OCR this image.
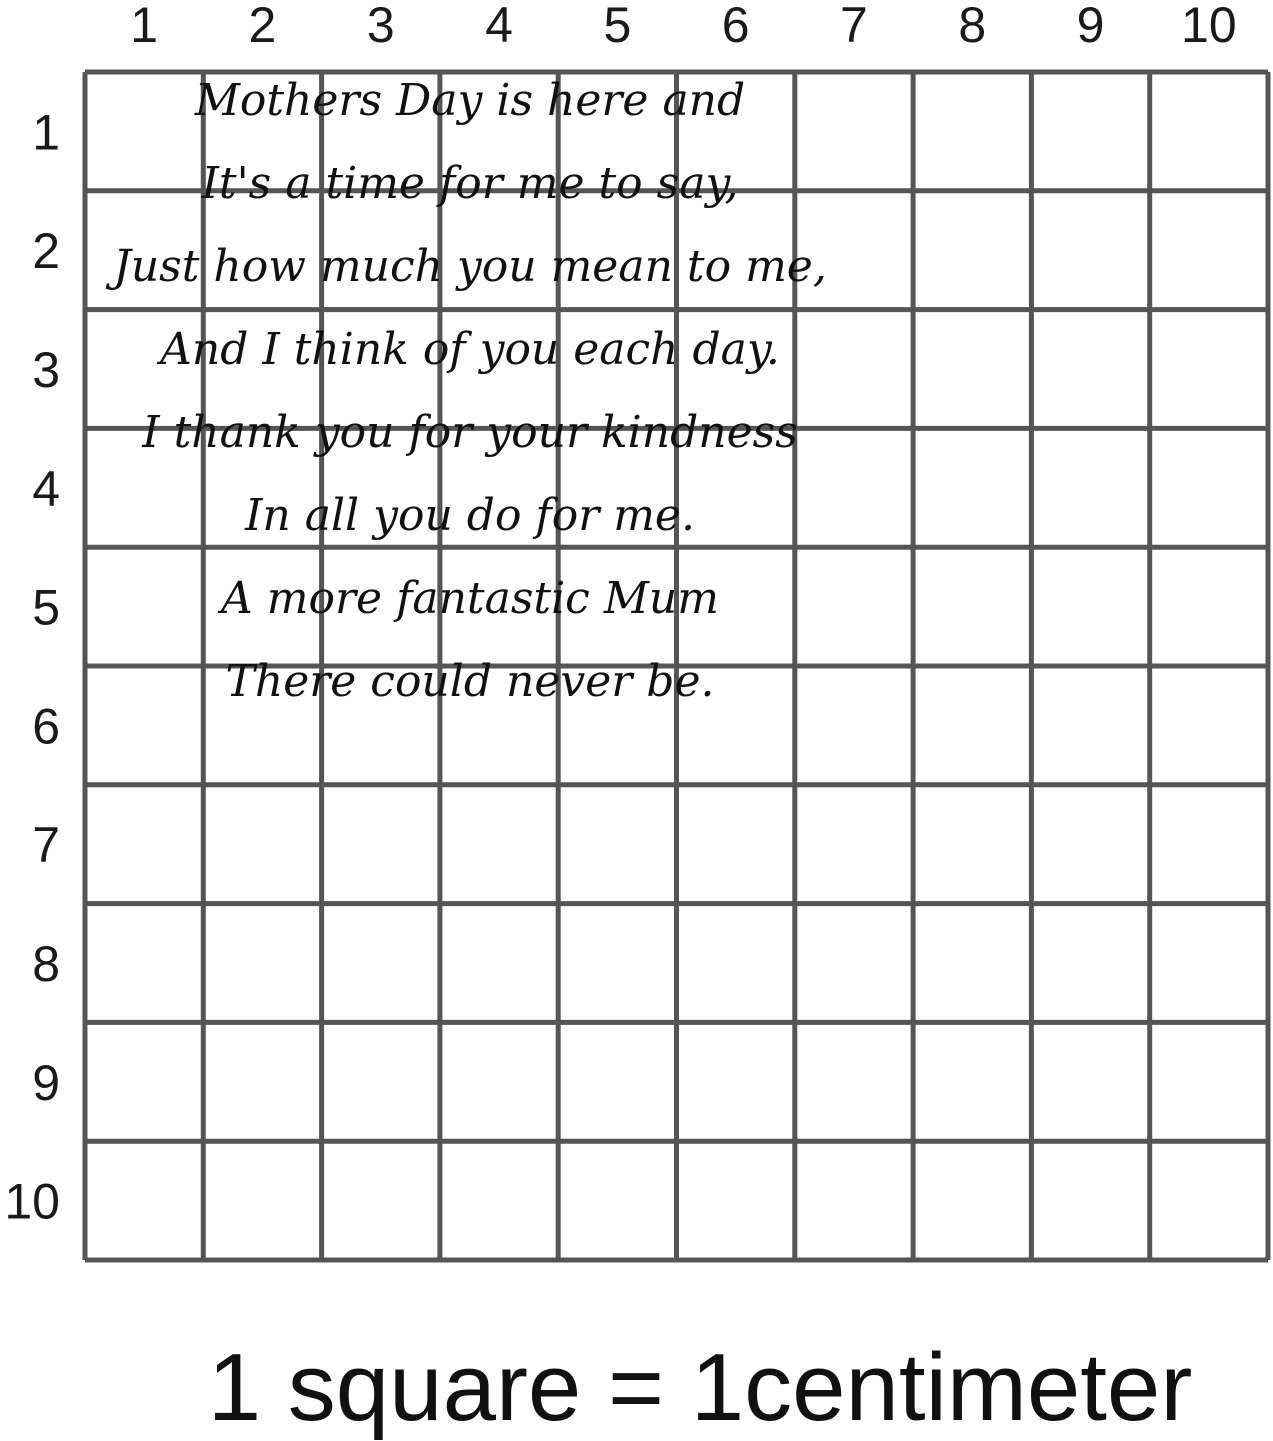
1 2 3 4 5 6 7 8 9 10
1
2
3
4
5
6
7
8
9
10
Mothers Day is here and
It's a time for me to say,
Just how much you mean to me,
And I think of you each day.
I thank you for your kindness
In all you do for me.
A more fantastic Mum
There could never be.
1 square = 1centimeter
